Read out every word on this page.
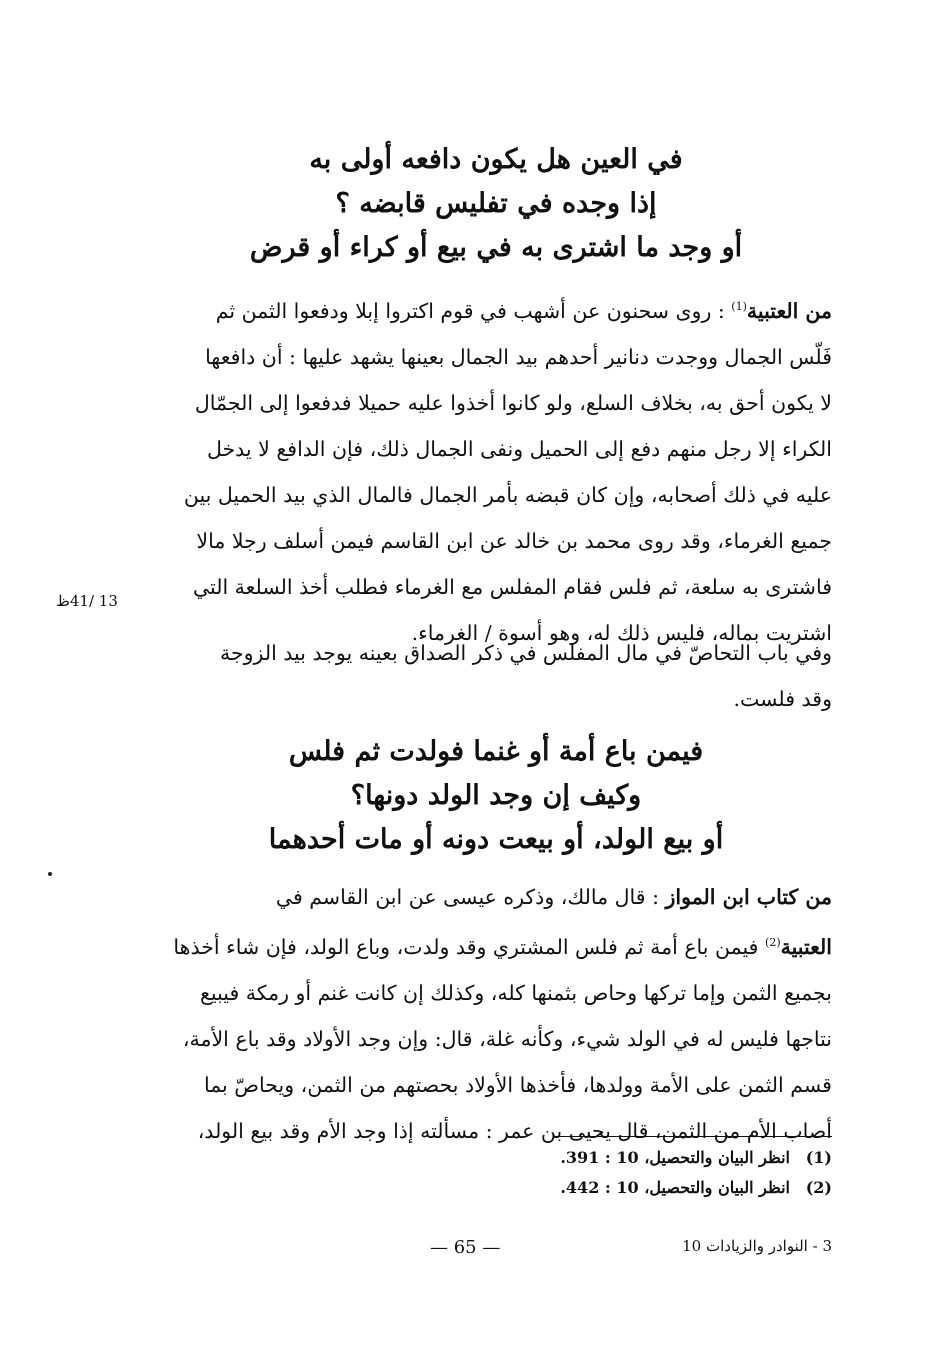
في العين هل يكون دافعه أولى به
إذا وجده في تفليس قابضه ؟
أو وجد ما اشترى به في بيع أو كراء أو قرض
من العتبية$^{(1)}$ : روى سحنون عن أشهب في قوم اكتروا إبلا ودفعوا الثمن ثم
فَلّس الجمال ووجدت دنانير أحدهم بيد الجمال بعينها يشهد عليها : أن دافعها
لا يكون أحق به، بخلاف السلع، ولو كانوا أخذوا عليه حميلا فدفعوا إلى الجمّال
الكراء إلا رجل منهم دفع إلى الحميل ونفى الجمال ذلك، فإن الدافع لا يدخل
عليه في ذلك أصحابه، وإن كان قبضه بأمر الجمال فالمال الذي بيد الحميل بين
جميع الغرماء، وقد روى محمد بن خالد عن ابن القاسم فيمن أسلف رجلا مالا
فاشترى به سلعة، ثم فلس فقام المفلس مع الغرماء فطلب أخذ السلعة التي
اشتريت بماله، فليس ذلك له، وهو أسوة / الغرماء.
13 /41ظ
وفي باب التحاصّ في مال المفلس في ذكر الصداق بعينه يوجد بيد الزوجة
وقد فلست.
فيمن باع أمة أو غنما فولدت ثم فلس
وكيف إن وجد الولد دونها؟
أو بيع الولد، أو بيعت دونه أو مات أحدهما
من كتاب ابن المواز : قال مالك، وذكره عيسى عن ابن القاسم في
العتبية$^{(2)}$ فيمن باع أمة ثم فلس المشتري وقد ولدت، وباع الولد، فإن شاء أخذها
بجميع الثمن وإما تركها وحاص بثمنها كله، وكذلك إن كانت غنم أو رمكة فيبيع
نتاجها فليس له في الولد شيء، وكأنه غلة، قال: وإن وجد الأولاد وقد باع الأمة،
قسم الثمن على الأمة وولدها، فأخذها الأولاد بحصتهم من الثمن، ويحاصّ بما
أصاب الأم من الثمن، قال يحيى بن عمر : مسألته إذا وجد الأم وقد بيع الولد،
(1)انظر البيان والتحصيل، 10 : 391.
(2)انظر البيان والتحصيل، 10 : 442.
— 65 —	3 - النوادر والزيادات 10
